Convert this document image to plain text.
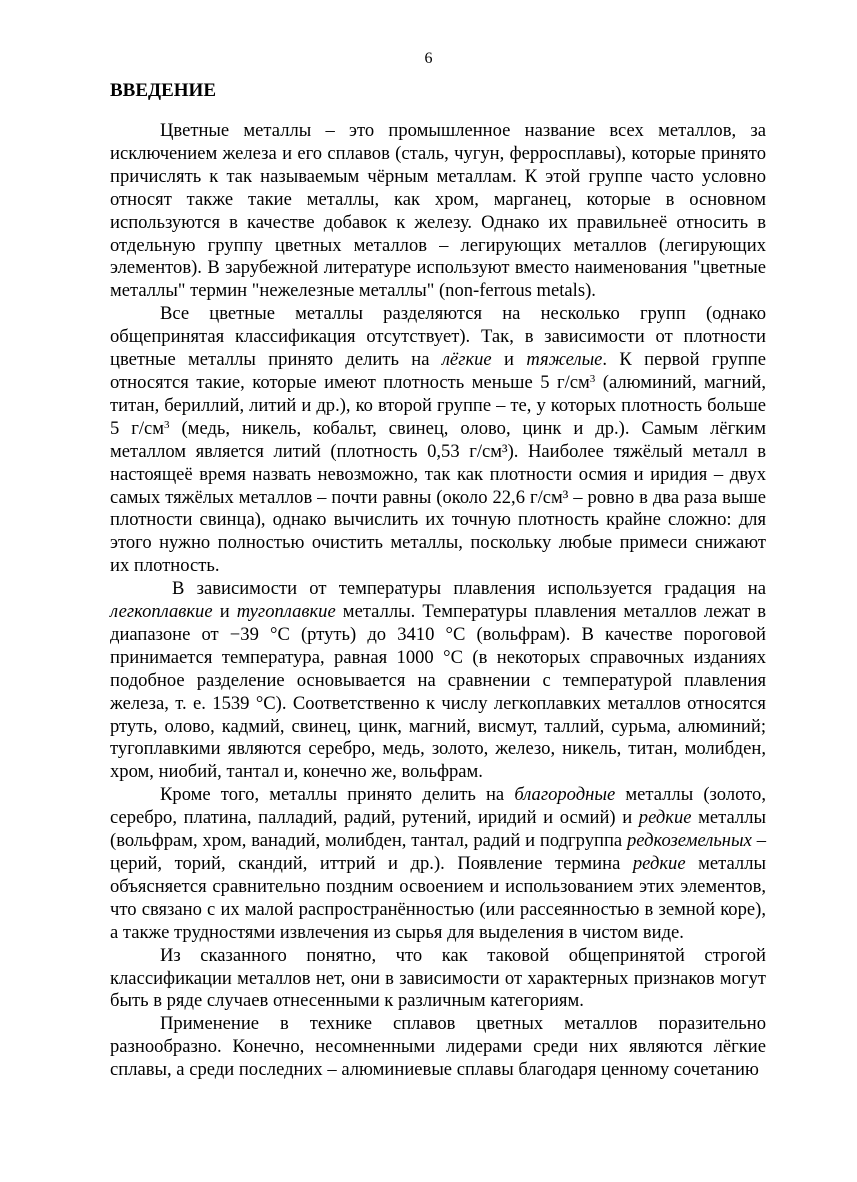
6
ВВЕДЕНИЕ

Цветные металлы – это промышленное название всех металлов, за исключением железа и его сплавов (сталь, чугун, ферросплавы), которые принято причислять к так называемым чёрным металлам. К этой группе часто условно относят также такие металлы, как хром, марганец, которые в основном используются в качестве добавок к железу. Однако их правильнеё относить в отдельную группу цветных металлов – легирующих металлов (легирующих элементов). В зарубежной литературе используют вместо наименования "цветные металлы" термин "нежелезные металлы" (non-ferrous metals).

Все цветные металлы разделяются на несколько групп (однако общепринятая классификация отсутствует). Так, в зависимости от плотности цветные металлы принято делить на лёгкие и тяжелые. К первой группе относятся такие, которые имеют плотность меньше 5 $г/см^3$ (алюминий, магний, титан, бериллий, литий и др.), ко второй группе – те, у которых плотность больше 5 $г/см^3$ (медь, никель, кобальт, свинец, олово, цинк и др.). Самым лёгким металлом является литий (плотность 0,53 г/см³). Наиболее тяжёлый металл в настоящеё время назвать невозможно, так как плотности осмия и иридия – двух самых тяжёлых металлов – почти равны (около 22,6 г/см³ – ровно в два раза выше плотности свинца), однако вычислить их точную плотность крайне сложно: для этого нужно полностью очистить металлы, поскольку любые примеси снижают их плотность.

В зависимости от температуры плавления используется градация на легкоплавкие и тугоплавкие металлы. Температуры плавления металлов лежат в диапазоне от −39 °C (ртуть) до 3410 °C (вольфрам). В качестве пороговой принимается температура, равная 1000 °C (в некоторых справочных изданиях подобное разделение основывается на сравнении с температурой плавления железа, т. е. 1539 °C). Соответственно к числу легкоплавких металлов относятся ртуть, олово, кадмий, свинец, цинк, магний, висмут, таллий, сурьма, алюминий; тугоплавкими являются серебро, медь, золото, железо, никель, титан, молибден, хром, ниобий, тантал и, конечно же, вольфрам.

Кроме того, металлы принято делить на благородные металлы (золото, серебро, платина, палладий, радий, рутений, иридий и осмий) и редкие металлы (вольфрам, хром, ванадий, молибден, тантал, радий и подгруппа редкоземельных – церий, торий, скандий, иттрий и др.). Появление термина редкие металлы объясняется сравнительно поздним освоением и использованием этих элементов, что связано с их малой распространённостью (или рассеянностью в земной коре), а также трудностями извлечения из сырья для выделения в чистом виде.

Из сказанного понятно, что как таковой общепринятой строгой классификации металлов нет, они в зависимости от характерных признаков могут быть в ряде случаев отнесенными к различным категориям.

Применение в технике сплавов цветных металлов поразительно разнообразно. Конечно, несомненными лидерами среди них являются лёгкие сплавы, а среди последних – алюминиевые сплавы благодаря ценному сочетанию
